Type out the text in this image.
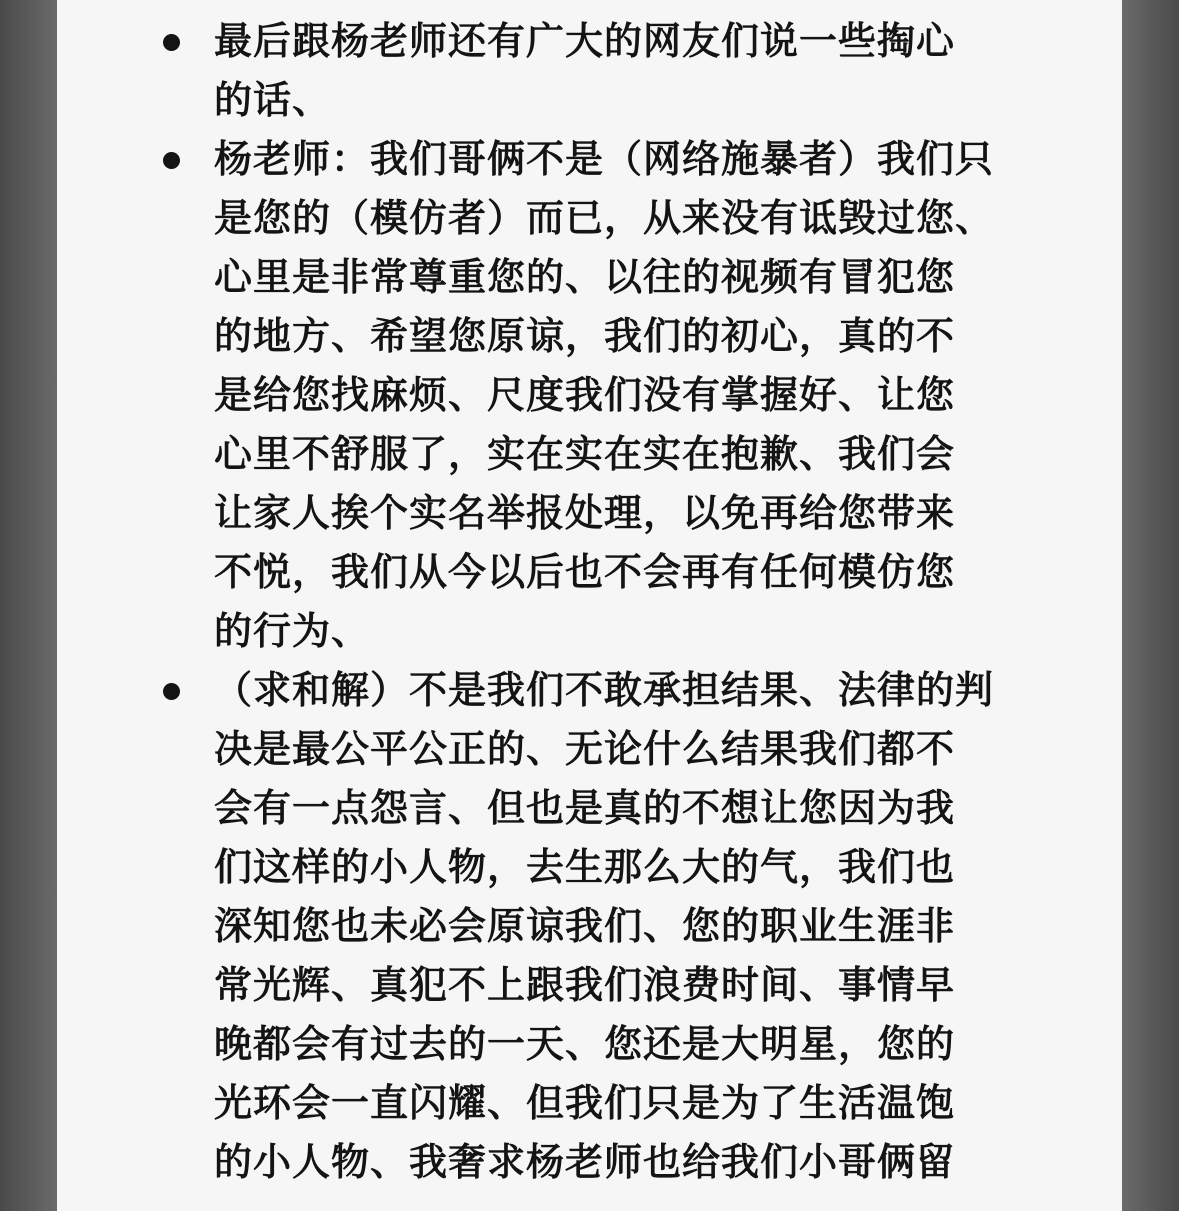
最后跟杨老师还有广大的网友们说一些掏心
的话、
杨老师：我们哥俩不是（网络施暴者）我们只
是您的（模仿者）而已，从来没有诋毁过您、
心里是非常尊重您的、以往的视频有冒犯您
的地方、希望您原谅，我们的初心，真的不
是给您找麻烦、尺度我们没有掌握好、让您
心里不舒服了，实在实在实在抱歉、我们会
让家人挨个实名举报处理，以免再给您带来
不悦，我们从今以后也不会再有任何模仿您
的行为、
（求和解）不是我们不敢承担结果、法律的判
决是最公平公正的、无论什么结果我们都不
会有一点怨言、但也是真的不想让您因为我
们这样的小人物，去生那么大的气，我们也
深知您也未必会原谅我们、您的职业生涯非
常光辉、真犯不上跟我们浪费时间、事情早
晚都会有过去的一天、您还是大明星，您的
光环会一直闪耀、但我们只是为了生活温饱
的小人物、我奢求杨老师也给我们小哥俩留
